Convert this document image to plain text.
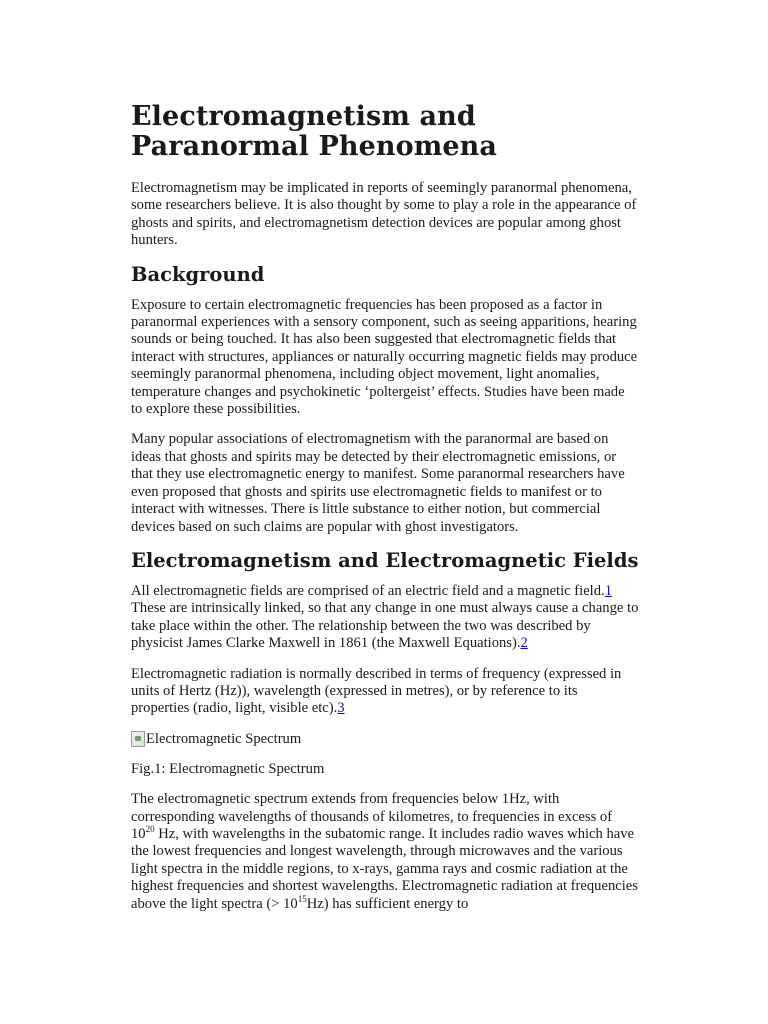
Electromagnetism and Paranormal Phenomena

Electromagnetism may be implicated in reports of seemingly paranormal phenomena, some researchers believe. It is also thought by some to play a role in the appearance of ghosts and spirits, and electromagnetism detection devices are popular among ghost hunters.

Background

Exposure to certain electromagnetic frequencies has been proposed as a factor in paranormal experiences with a sensory component, such as seeing apparitions, hearing sounds or being touched. It has also been suggested that electromagnetic fields that interact with structures, appliances or naturally occurring magnetic fields may produce seemingly paranormal phenomena, including object movement, light anomalies, temperature changes and psychokinetic ‘poltergeist’ effects. Studies have been made to explore these possibilities.

Many popular associations of electromagnetism with the paranormal are based on ideas that ghosts and spirits may be detected by their electromagnetic emissions, or that they use electromagnetic energy to manifest. Some paranormal researchers have even proposed that ghosts and spirits use electromagnetic fields to manifest or to interact with witnesses. There is little substance to either notion, but commercial devices based on such claims are popular with ghost investigators.

Electromagnetism and Electromagnetic Fields

All electromagnetic fields are comprised of an electric field and a magnetic field.1 These are intrinsically linked, so that any change in one must always cause a change to take place within the other. The relationship between the two was described by physicist James Clarke Maxwell in 1861 (the Maxwell Equations).2

Electromagnetic radiation is normally described in terms of frequency (expressed in units of Hertz (Hz)), wavelength (expressed in metres), or by reference to its properties (radio, light, visible etc).3

Electromagnetic Spectrum

Fig.1: Electromagnetic Spectrum

The electromagnetic spectrum extends from frequencies below 1Hz, with corresponding wavelengths of thousands of kilometres, to frequencies in excess of $10^{20}$ Hz, with wavelengths in the subatomic range. It includes radio waves which have the lowest frequencies and longest wavelength, through microwaves and the various light spectra in the middle regions, to x-rays, gamma rays and cosmic radiation at the highest frequencies and shortest wavelengths. Electromagnetic radiation at frequencies above the light spectra (> $10^{15}Hz$) has sufficient energy to
